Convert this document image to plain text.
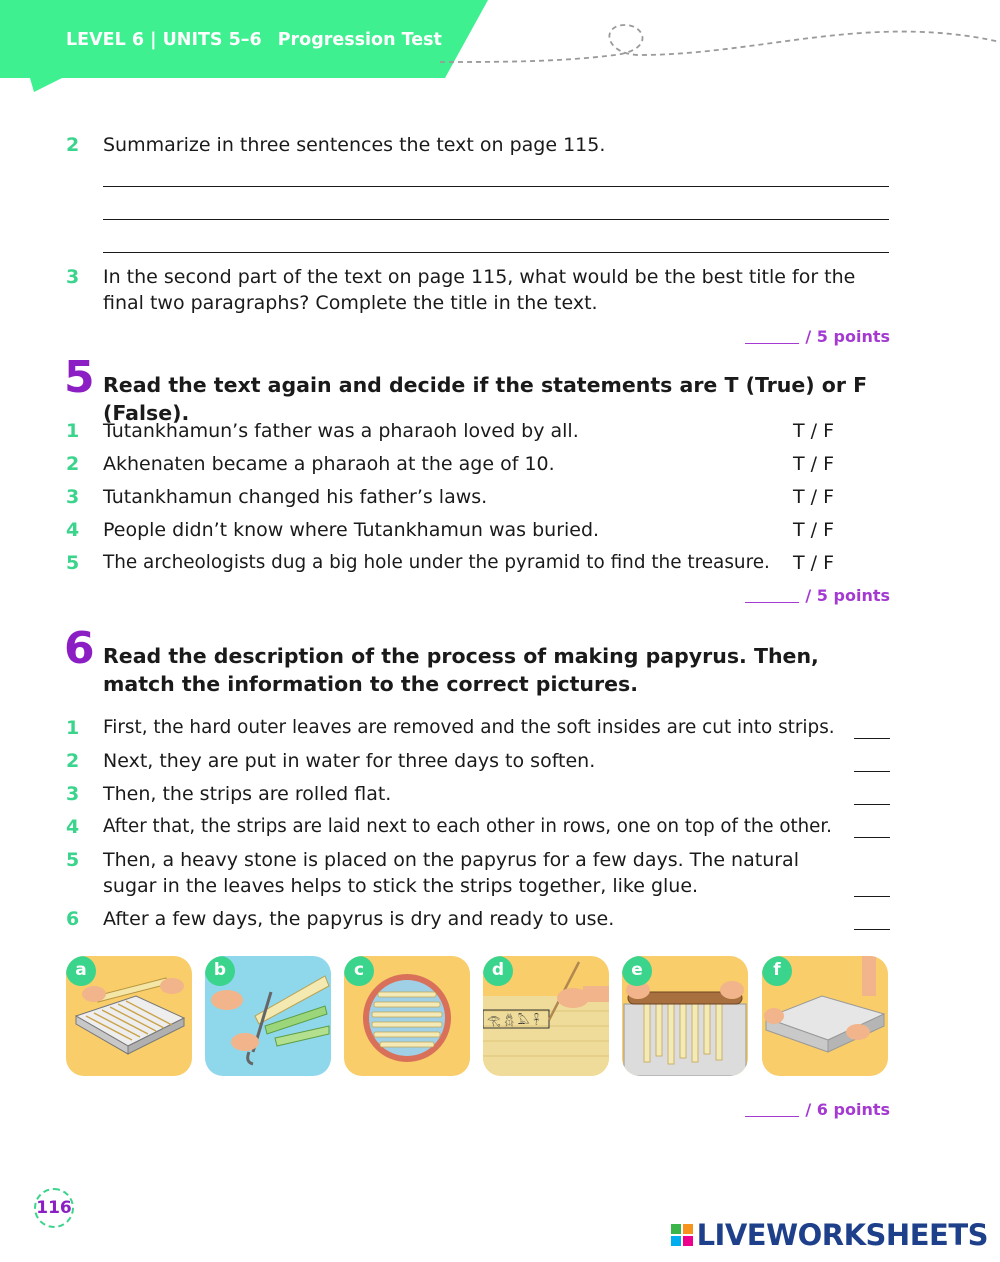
LEVEL 6 | UNITS 5–6 Progression Test
2	Summarize in three sentences the text on page 115.
3	In the second part of the text on page 115, what would be the best title for the final two paragraphs? Complete the title in the text.
/ 5 points
5 Read the text again and decide if the statements are T (True) or F (False).
1	Tutankhamun’s father was a pharaoh loved by all.	T / F
2	Akhenaten became a pharaoh at the age of 10.	T / F
3	Tutankhamun changed his father’s laws.	T / F
4	People didn’t know where Tutankhamun was buried.	T / F
5	The archeologists dug a big hole under the pyramid to find the treasure.	T / F
/ 5 points
6 Read the description of the process of making papyrus. Then, match the information to the correct pictures.
1	First, the hard outer leaves are removed and the soft insides are cut into strips.
2	Next, they are put in water for three days to soften.
3	Then, the strips are rolled flat.
4	After that, the strips are laid next to each other in rows, one on top of the other.
5	Then, a heavy stone is placed on the papyrus for a few days. The natural sugar in the leaves helps to stick the strips together, like glue.
6	After a few days, the papyrus is dry and ready to use.
a	b	c
𓂀 𓆣 𓅓 𓋹
d	e	f
/ 6 points
116
LIVEWORKSHEETS
